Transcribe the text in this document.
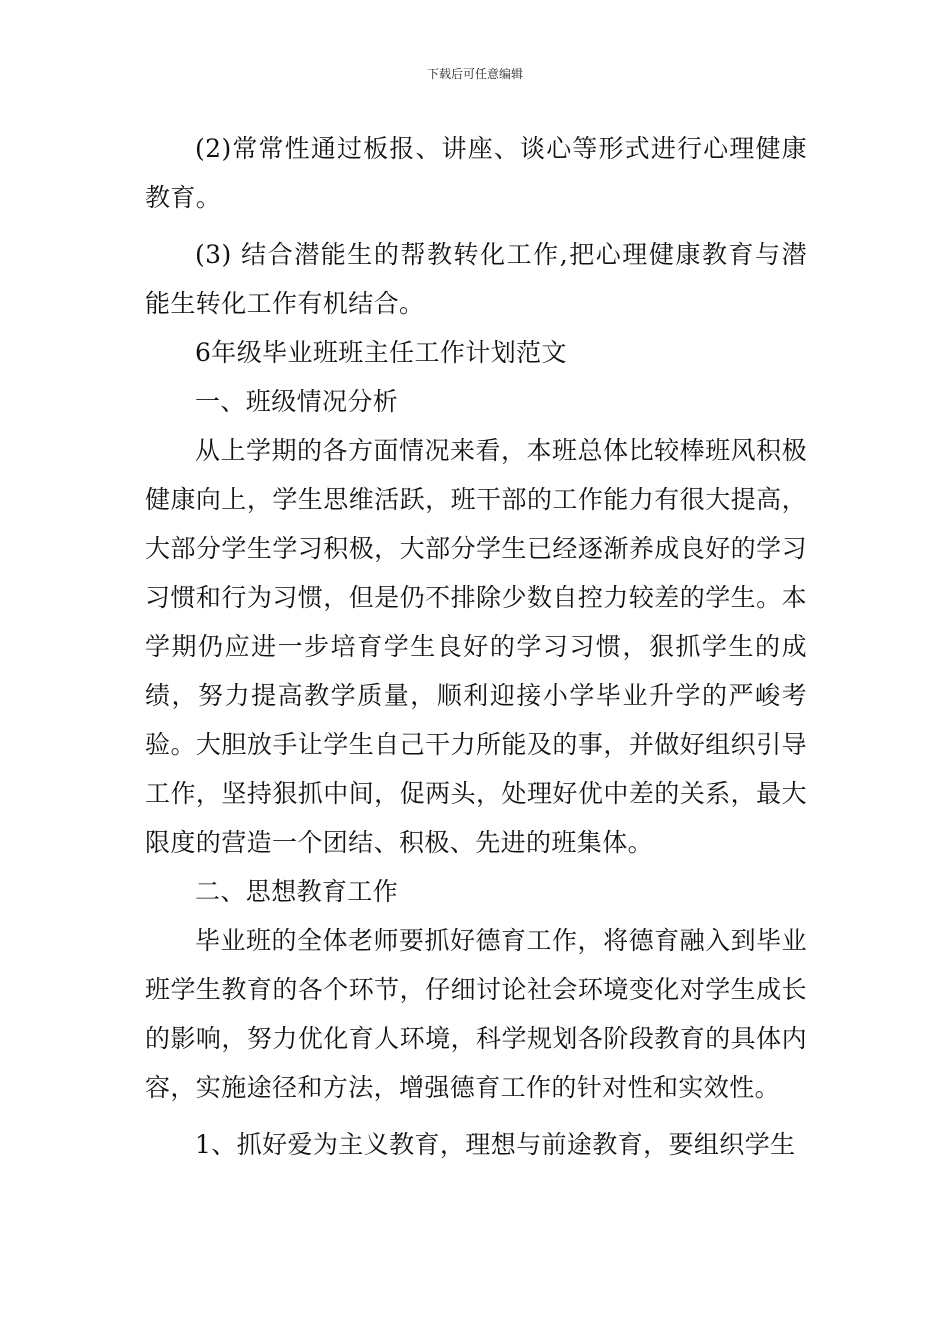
下载后可任意编辑

(2)常常性通过板报、讲座、谈心等形式进行心理健康教育。

(3) 结合潜能生的帮教转化工作,把心理健康教育与潜能生转化工作有机结合。

6年级毕业班班主任工作计划范文

一、班级情况分析

从上学期的各方面情况来看，本班总体比较棒班风积极健康向上，学生思维活跃，班干部的工作能力有很大提高，大部分学生学习积极，大部分学生已经逐渐养成良好的学习习惯和行为习惯，但是仍不排除少数自控力较差的学生。本学期仍应进一步培育学生良好的学习习惯，狠抓学生的成绩，努力提高教学质量，顺利迎接小学毕业升学的严峻考验。大胆放手让学生自己干力所能及的事，并做好组织引导工作，坚持狠抓中间，促两头，处理好优中差的关系，最大限度的营造一个团结、积极、先进的班集体。

二、思想教育工作

毕业班的全体老师要抓好德育工作，将德育融入到毕业班学生教育的各个环节，仔细讨论社会环境变化对学生成长的影响，努力优化育人环境，科学规划各阶段教育的具体内容，实施途径和方法，增强德育工作的针对性和实效性。

1、抓好爱为主义教育，理想与前途教育，要组织学生
